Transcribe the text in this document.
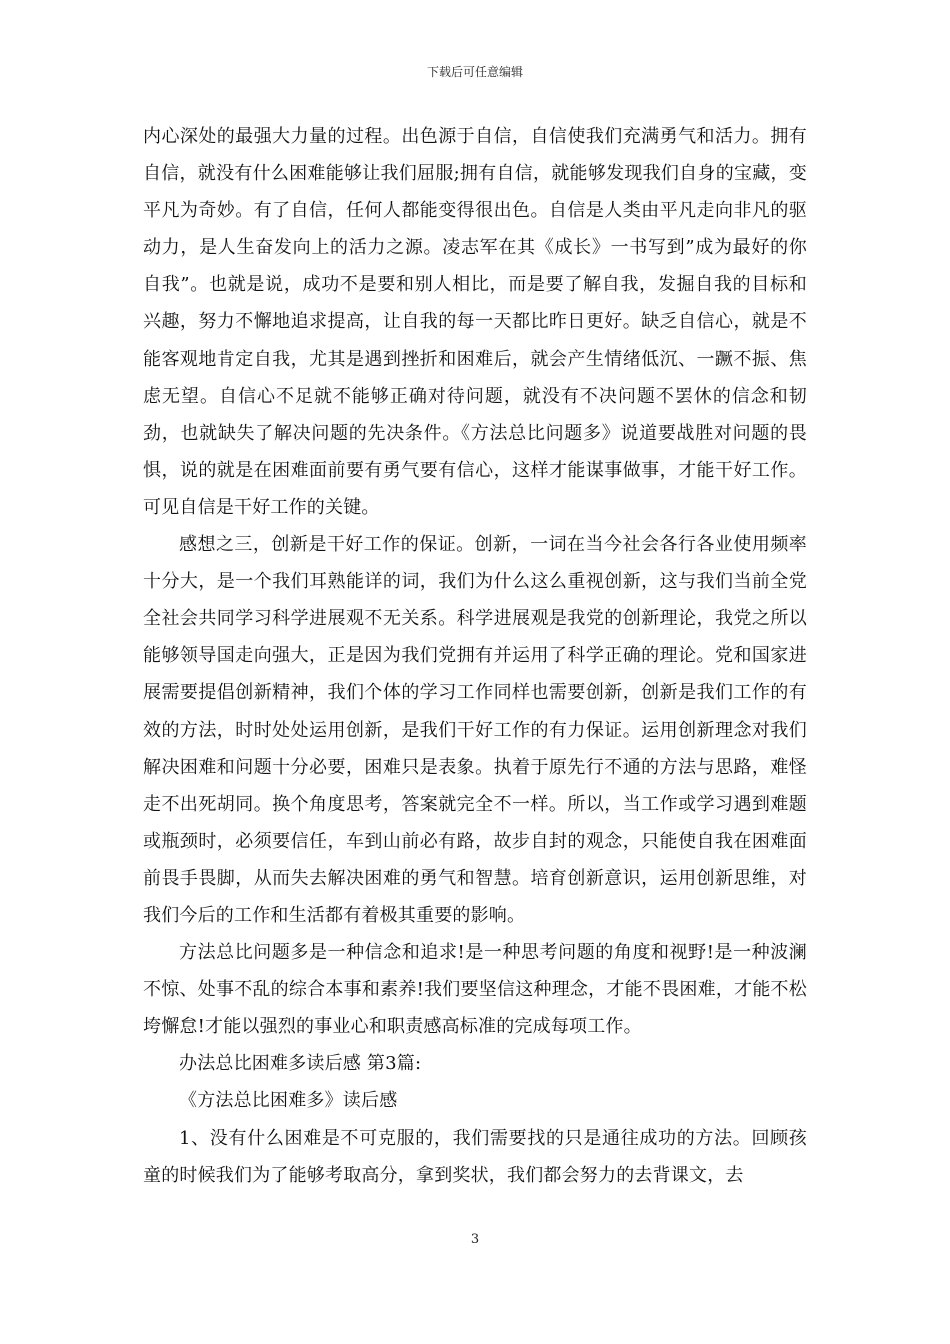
下载后可任意编辑

内心深处的最强大力量的过程。出色源于自信，自信使我们充满勇气和活力。拥有自信，就没有什么困难能够让我们屈服;拥有自信，就能够发现我们自身的宝藏，变平凡为奇妙。有了自信，任何人都能变得很出色。自信是人类由平凡走向非凡的驱动力，是人生奋发向上的活力之源。凌志军在其《成长》一书写到”成为最好的你自我”。也就是说，成功不是要和别人相比，而是要了解自我，发掘自我的目标和兴趣，努力不懈地追求提高，让自我的每一天都比昨日更好。缺乏自信心，就是不能客观地肯定自我，尤其是遇到挫折和困难后，就会产生情绪低沉、一蹶不振、焦虑无望。自信心不足就不能够正确对待问题，就没有不决问题不罢休的信念和韧劲，也就缺失了解决问题的先决条件。《方法总比问题多》说道要战胜对问题的畏惧，说的就是在困难面前要有勇气要有信心，这样才能谋事做事，才能干好工作。可见自信是干好工作的关键。

感想之三，创新是干好工作的保证。创新，一词在当今社会各行各业使用频率十分大，是一个我们耳熟能详的词，我们为什么这么重视创新，这与我们当前全党全社会共同学习科学进展观不无关系。科学进展观是我党的创新理论，我党之所以能够领导国走向强大，正是因为我们党拥有并运用了科学正确的理论。党和国家进展需要提倡创新精神，我们个体的学习工作同样也需要创新，创新是我们工作的有效的方法，时时处处运用创新，是我们干好工作的有力保证。运用创新理念对我们解决困难和问题十分必要，困难只是表象。执着于原先行不通的方法与思路，难怪走不出死胡同。换个角度思考，答案就完全不一样。所以，当工作或学习遇到难题或瓶颈时，必须要信任，车到山前必有路，故步自封的观念，只能使自我在困难面前畏手畏脚，从而失去解决困难的勇气和智慧。培育创新意识，运用创新思维，对我们今后的工作和生活都有着极其重要的影响。

方法总比问题多是一种信念和追求!是一种思考问题的角度和视野!是一种波澜不惊、处事不乱的综合本事和素养!我们要坚信这种理念，才能不畏困难，才能不松垮懈怠!才能以强烈的事业心和职责感高标准的完成每项工作。

办法总比困难多读后感 第3篇:

《方法总比困难多》读后感

1、没有什么困难是不可克服的，我们需要找的只是通往成功的方法。回顾孩童的时候我们为了能够考取高分，拿到奖状，我们都会努力的去背课文，去

3
